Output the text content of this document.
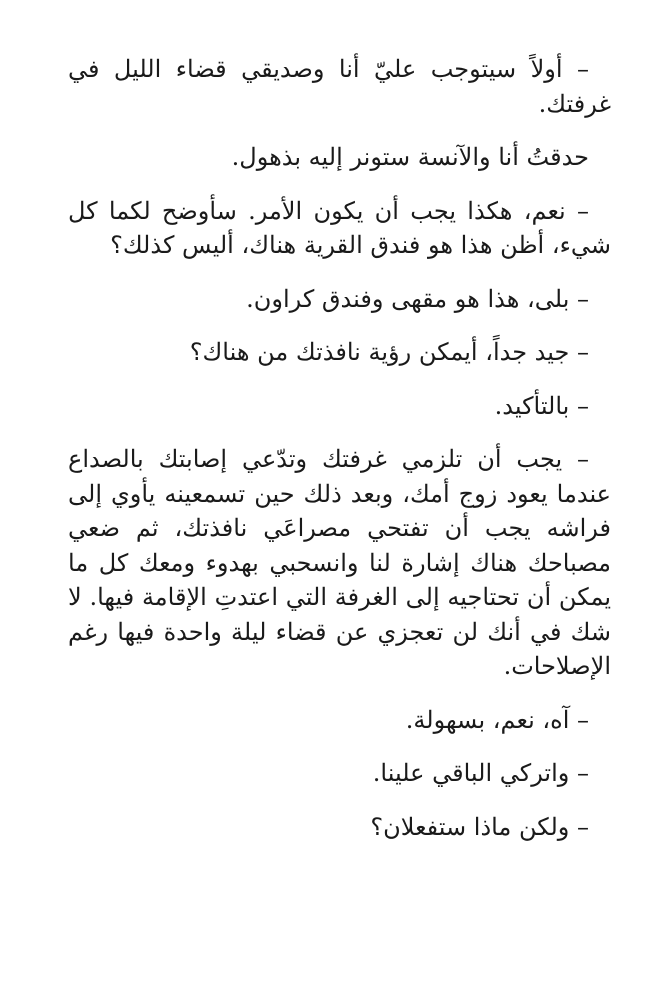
– أولاً سيتوجب عليّ أنا وصديقي قضاء الليل في غرفتك.

حدقتُ أنا والآنسة ستونر إليه بذهول.

– نعم، هكذا يجب أن يكون الأمر. سأوضح لكما كل شيء، أظن هذا هو فندق القرية هناك، أليس كذلك؟

– بلى، هذا هو مقهى وفندق كراون.

– جيد جداً، أيمكن رؤية نافذتك من هناك؟

– بالتأكيد.

– يجب أن تلزمي غرفتك وتدّعي إصابتك بالصداع عندما يعود زوج أمك، وبعد ذلك حين تسمعينه يأوي إلى فراشه يجب أن تفتحي مصراعَي نافذتك، ثم ضعي مصباحك هناك إشارة لنا وانسحبي بهدوء ومعك كل ما يمكن أن تحتاجيه إلى الغرفة التي اعتدتِ الإقامة فيها. لا شك في أنك لن تعجزي عن قضاء ليلة واحدة فيها رغم الإصلاحات.

– آه، نعم، بسهولة.

– واتركي الباقي علينا.

– ولكن ماذا ستفعلان؟
